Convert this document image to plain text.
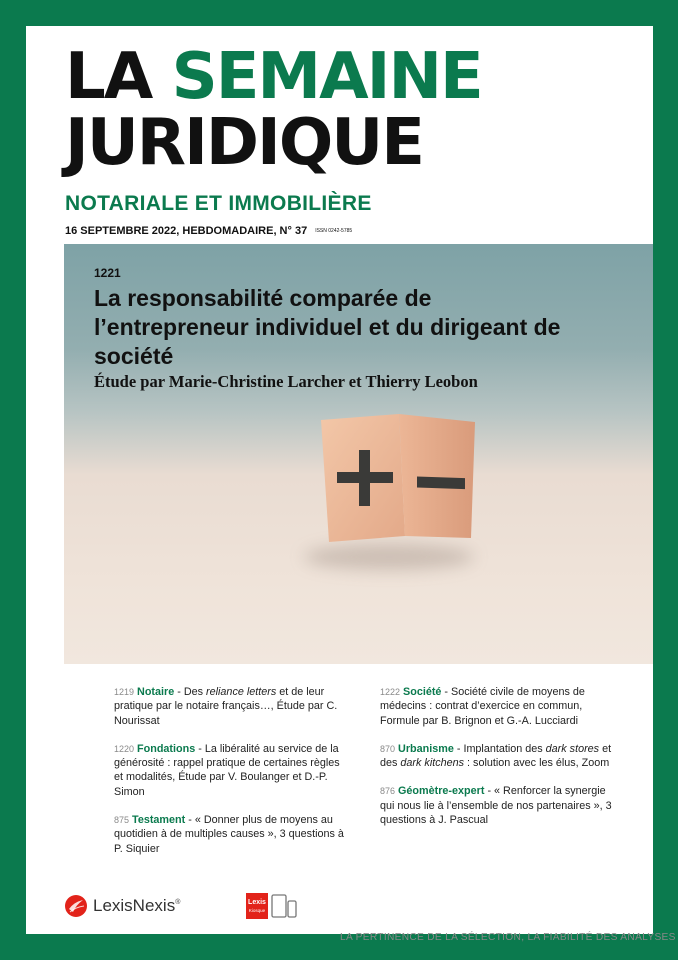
LA SEMAINE
JURIDIQUE
NOTARIALE ET IMMOBILIÈRE
16 SEPTEMBRE 2022, HEBDOMADAIRE, N° 37 ISSN 0242-5785
1221
La responsabilité comparée de l’entrepreneur individuel et du dirigeant de société
Étude par Marie-Christine Larcher et Thierry Leobon
1219 Notaire - Des reliance letters et de leur pratique par le notaire français…, Étude par C. Nourissat
1220 Fondations - La libéralité au service de la générosité : rappel pratique de certaines règles et modalités, Étude par V. Boulanger et D.-P. Simon
875 Testament - « Donner plus de moyens au quotidien à de multiples causes », 3 questions à P. Siquier
1222 Société - Société civile de moyens de médecins : contrat d’exercice en commun, Formule par B. Brignon et G.-A. Lucciardi
870 Urbanisme - Implantation des dark stores et des dark kitchens : solution avec les élus, Zoom
876 Géomètre-expert - « Renforcer la synergie qui nous lie à l’ensemble de nos partenaires », 3 questions à J. Pascual
LexisNexis ®	Lexis
Kiosque
LA PERTINENCE DE LA SÉLECTION, LA FIABILITÉ DES ANALYSES
